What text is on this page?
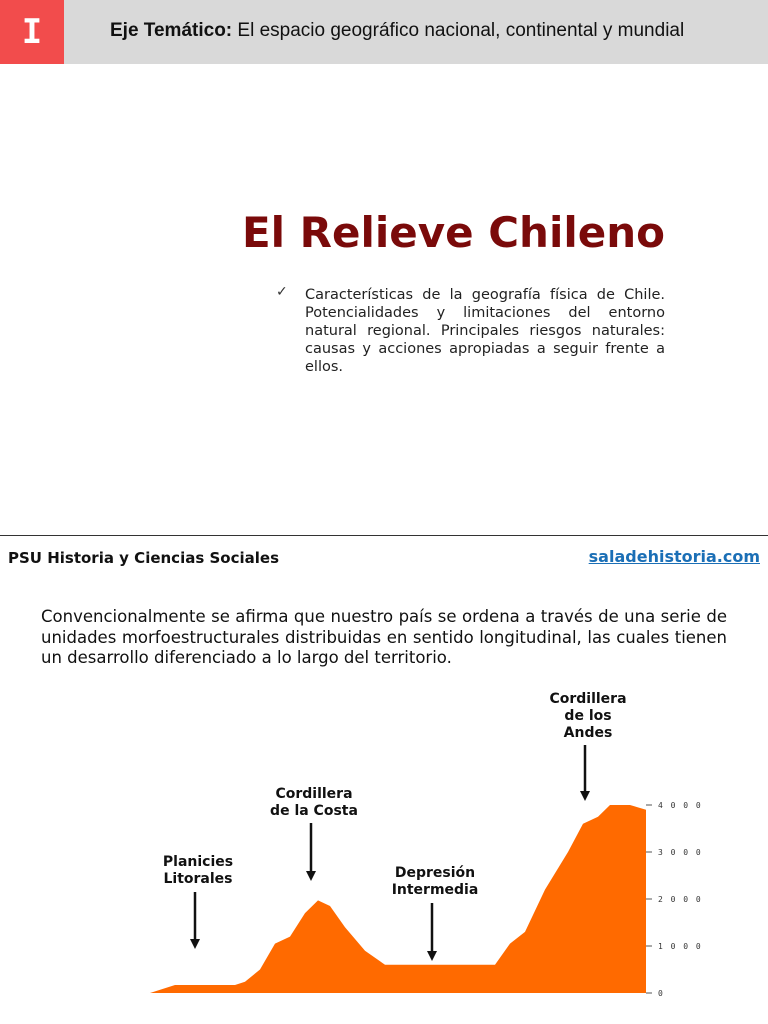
I	Eje Temático: El espacio geográfico nacional, continental y mundial
El Relieve Chileno
✓ Características de la geografía física de Chile. Potencialidades y limitaciones del entorno natural regional. Principales riesgos naturales: causas y acciones apropiadas a seguir frente a ellos.
PSU Historia y Ciencias Sociales	saladehistoria.com
Convencionalmente se afirma que nuestro país se ordena a través de una serie de unidades morfoestructurales distribuidas en sentido longitudinal, las cuales tienen un desarrollo diferenciado a lo largo del territorio.
4 0 0 0
3 0 0 0
2 0 0 0
1 0 0 0
0
Planicies Litorales
Cordillera de la Costa
Depresión Intermedia
Cordillera de los Andes
